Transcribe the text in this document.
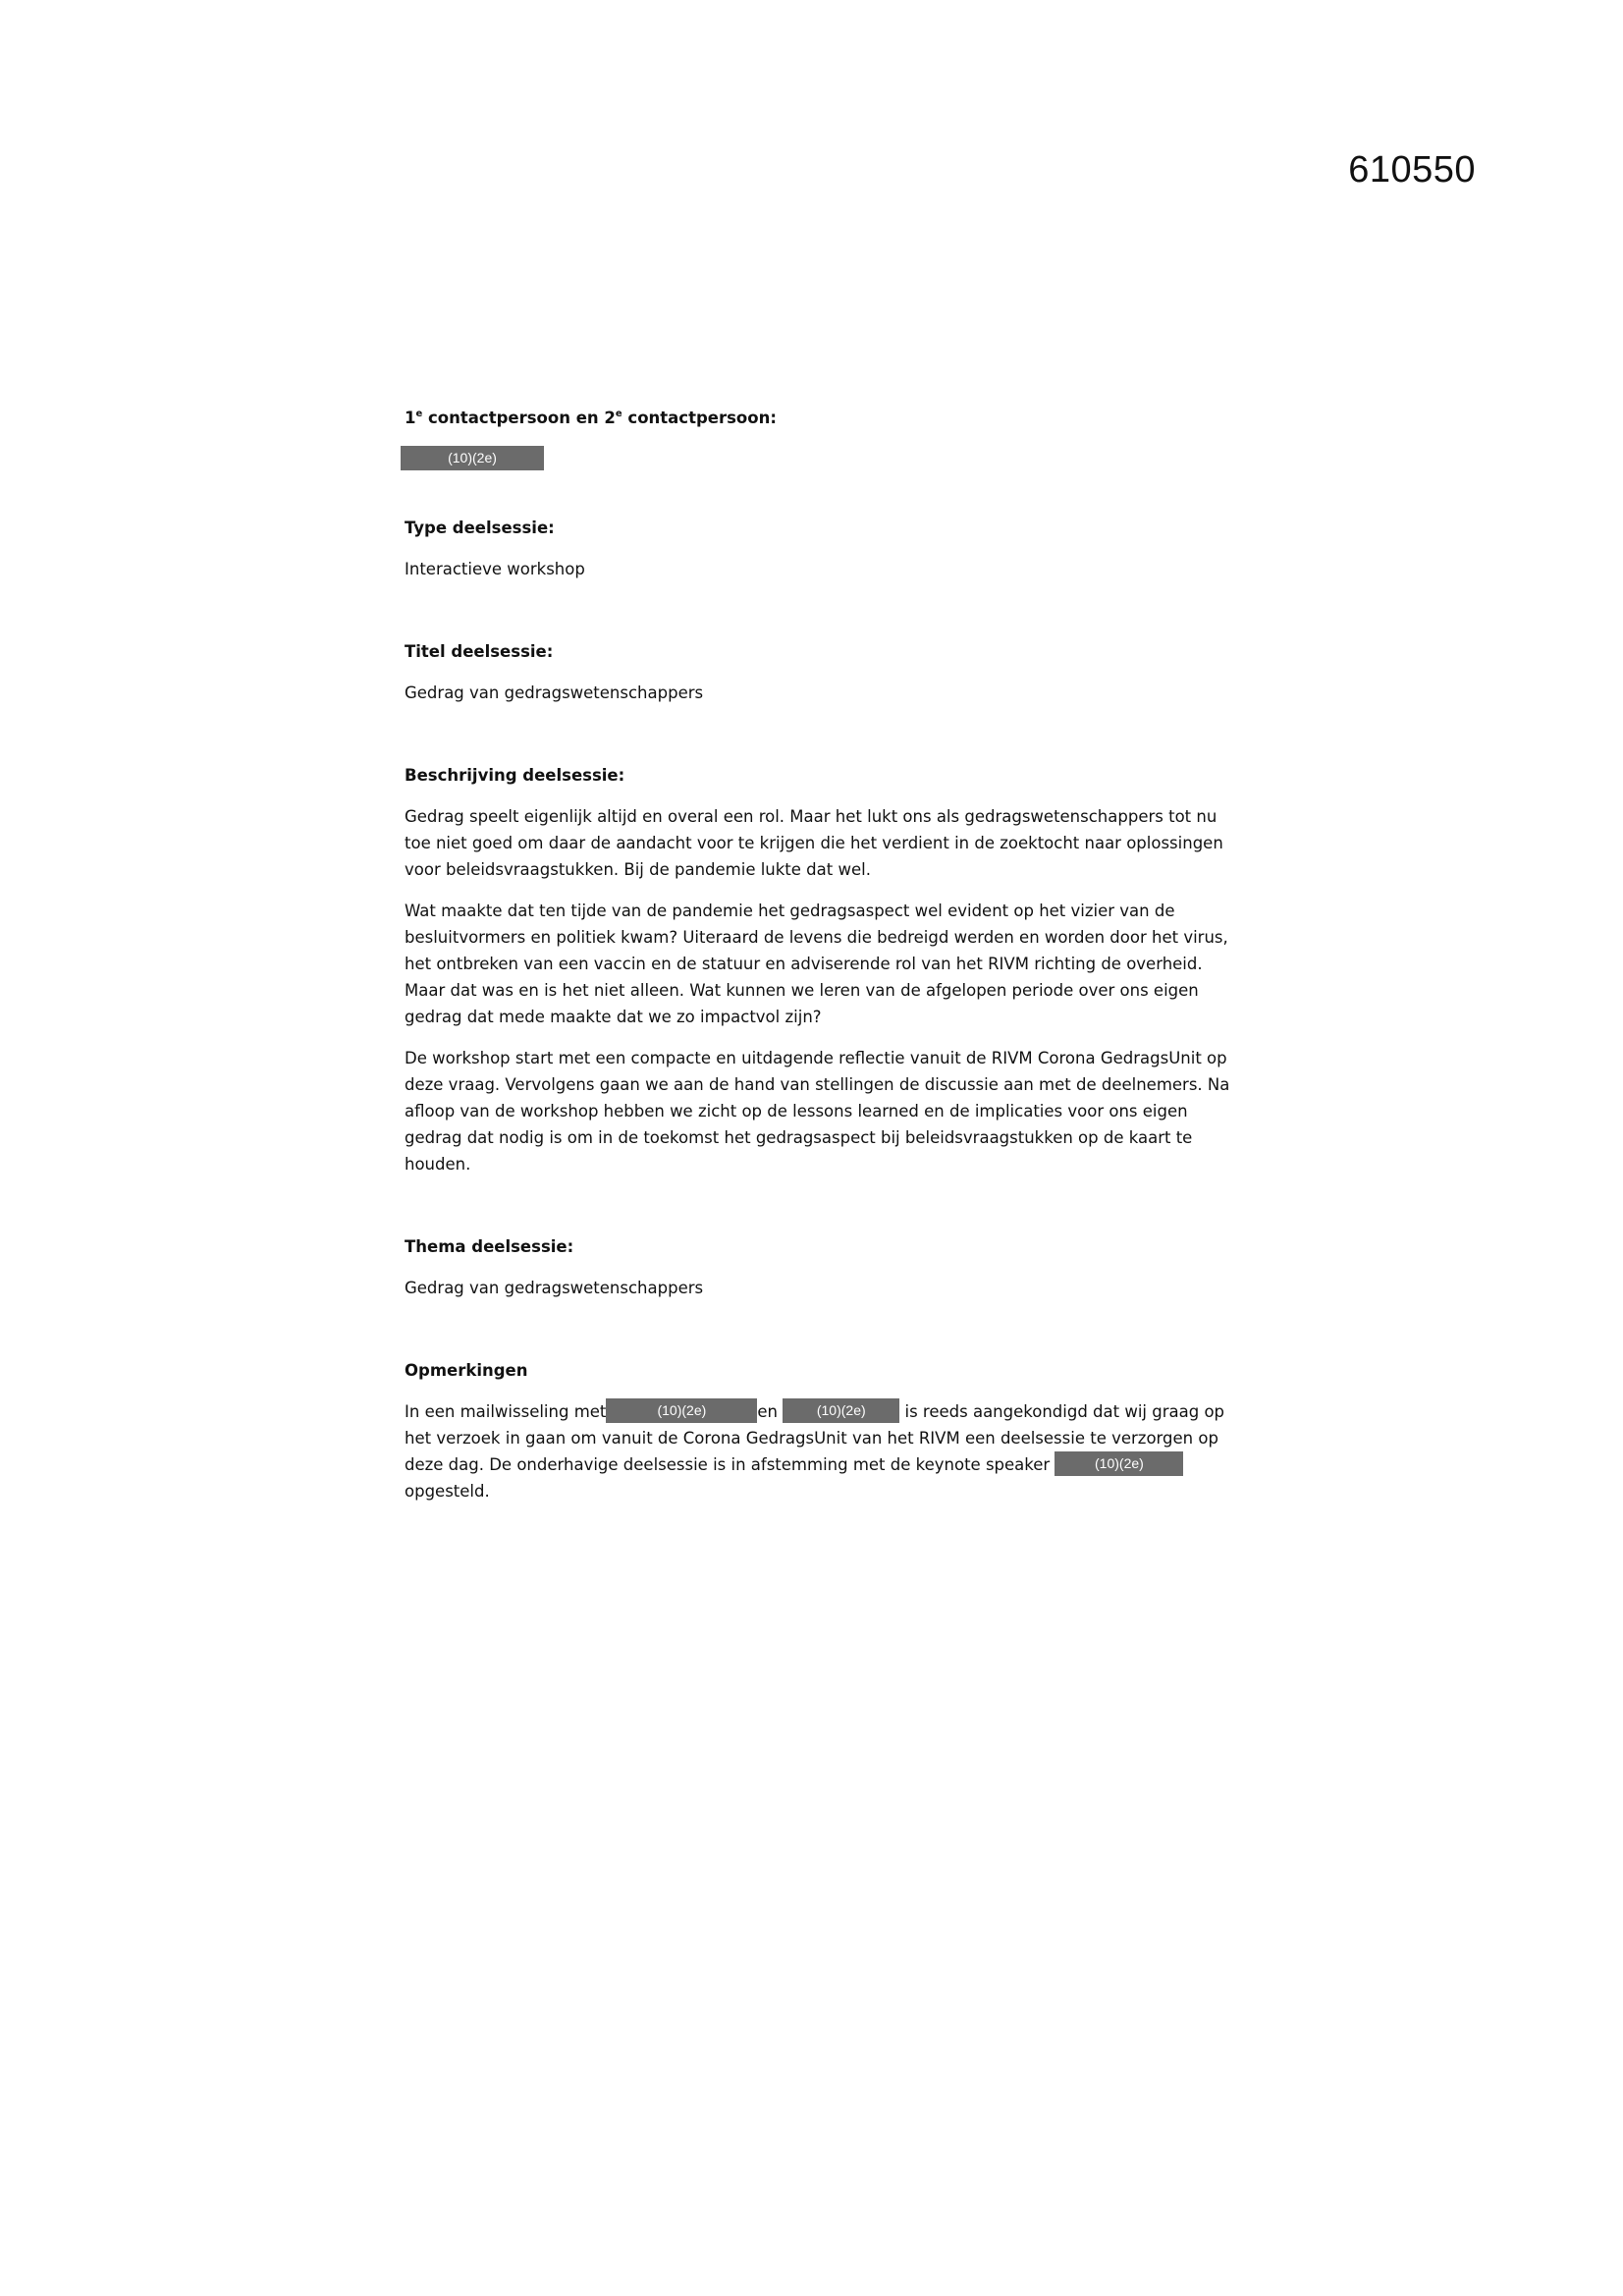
610550

1e contactpersoon en 2e contactpersoon:

(10)(2e)

Type deelsessie:

Interactieve workshop

Titel deelsessie:

Gedrag van gedragswetenschappers

Beschrijving deelsessie:

Gedrag speelt eigenlijk altijd en overal een rol. Maar het lukt ons als gedragswetenschappers tot nu toe niet goed om daar de aandacht voor te krijgen die het verdient in de zoektocht naar oplossingen voor beleidsvraagstukken. Bij de pandemie lukte dat wel.

Wat maakte dat ten tijde van de pandemie het gedragsaspect wel evident op het vizier van de besluitvormers en politiek kwam? Uiteraard de levens die bedreigd werden en worden door het virus, het ontbreken van een vaccin en de statuur en adviserende rol van het RIVM richting de overheid. Maar dat was en is het niet alleen. Wat kunnen we leren van de afgelopen periode over ons eigen gedrag dat mede maakte dat we zo impactvol zijn?

De workshop start met een compacte en uitdagende reflectie vanuit de RIVM Corona GedragsUnit op deze vraag. Vervolgens gaan we aan de hand van stellingen de discussie aan met de deelnemers. Na afloop van de workshop hebben we zicht op de lessons learned en de implicaties voor ons eigen gedrag dat nodig is om in de toekomst het gedragsaspect bij beleidsvraagstukken op de kaart te houden.

Thema deelsessie:

Gedrag van gedragswetenschappers

Opmerkingen

In een mailwisseling met	(10)(2e)	en (10)(2e) is reeds aangekondigd dat wij graag op het verzoek in gaan om vanuit de Corona GedragsUnit van het RIVM een deelsessie te verzorgen op deze dag. De onderhavige deelsessie is in afstemming met de keynote speaker	(10)(2e)
opgesteld.
